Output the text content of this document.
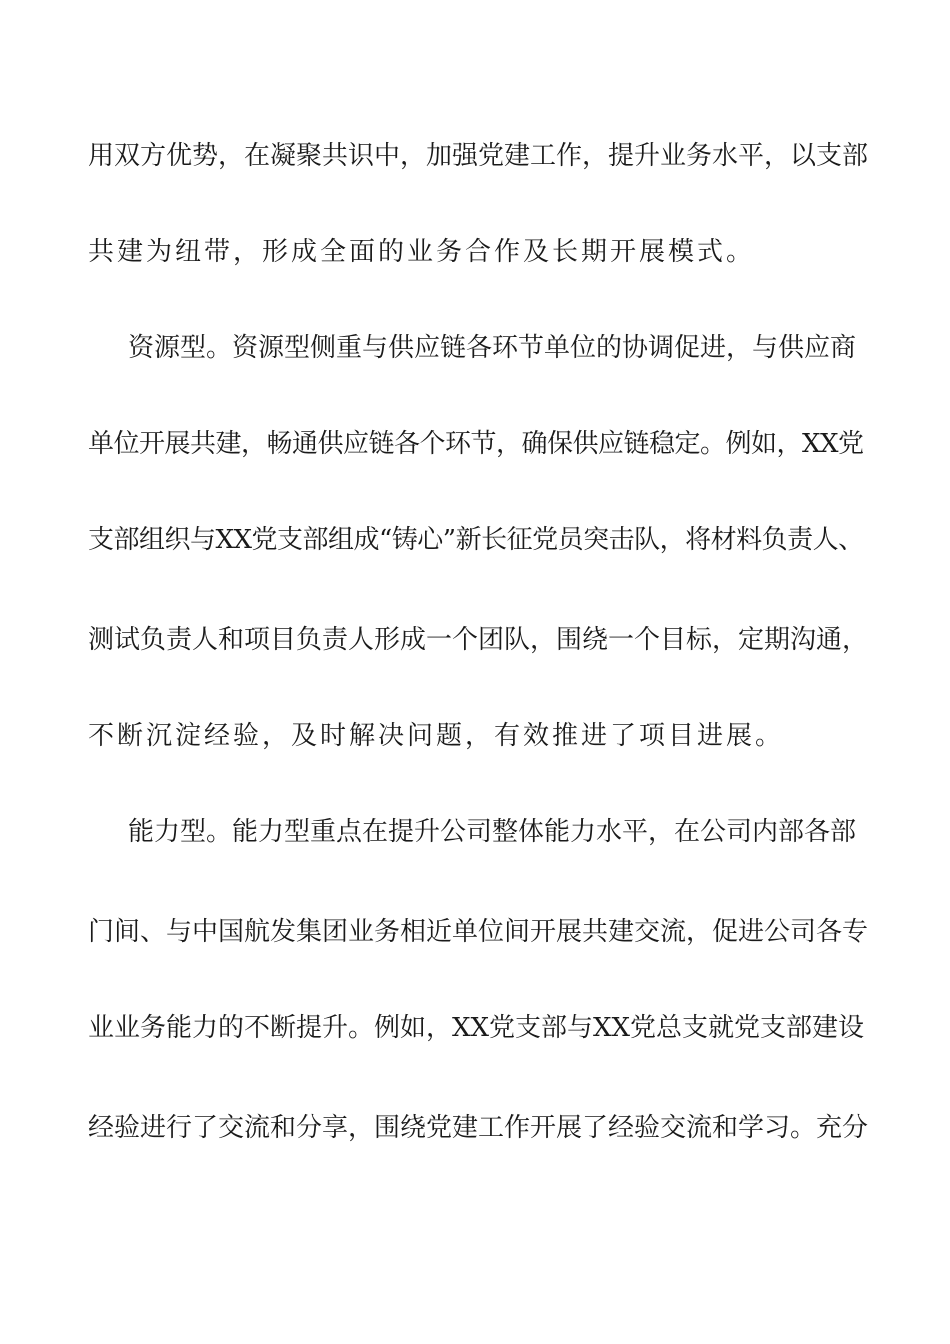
用双方优势，在凝聚共识中，加强党建工作，提升业务水平，以支部
共建为纽带，形成全面的业务合作及长期开展模式。
资源型。资源型侧重与供应链各环节单位的协调促进，与供应商
单位开展共建，畅通供应链各个环节，确保供应链稳定。例如，XX党
支部组织与XX党支部组成“铸心”新长征党员突击队，将材料负责人、
测试负责人和项目负责人形成一个团队，围绕一个目标，定期沟通，
不断沉淀经验，及时解决问题，有效推进了项目进展。
能力型。能力型重点在提升公司整体能力水平，在公司内部各部
门间、与中国航发集团业务相近单位间开展共建交流，促进公司各专
业业务能力的不断提升。例如，XX党支部与XX党总支就党支部建设
经验进行了交流和分享，围绕党建工作开展了经验交流和学习。充分
